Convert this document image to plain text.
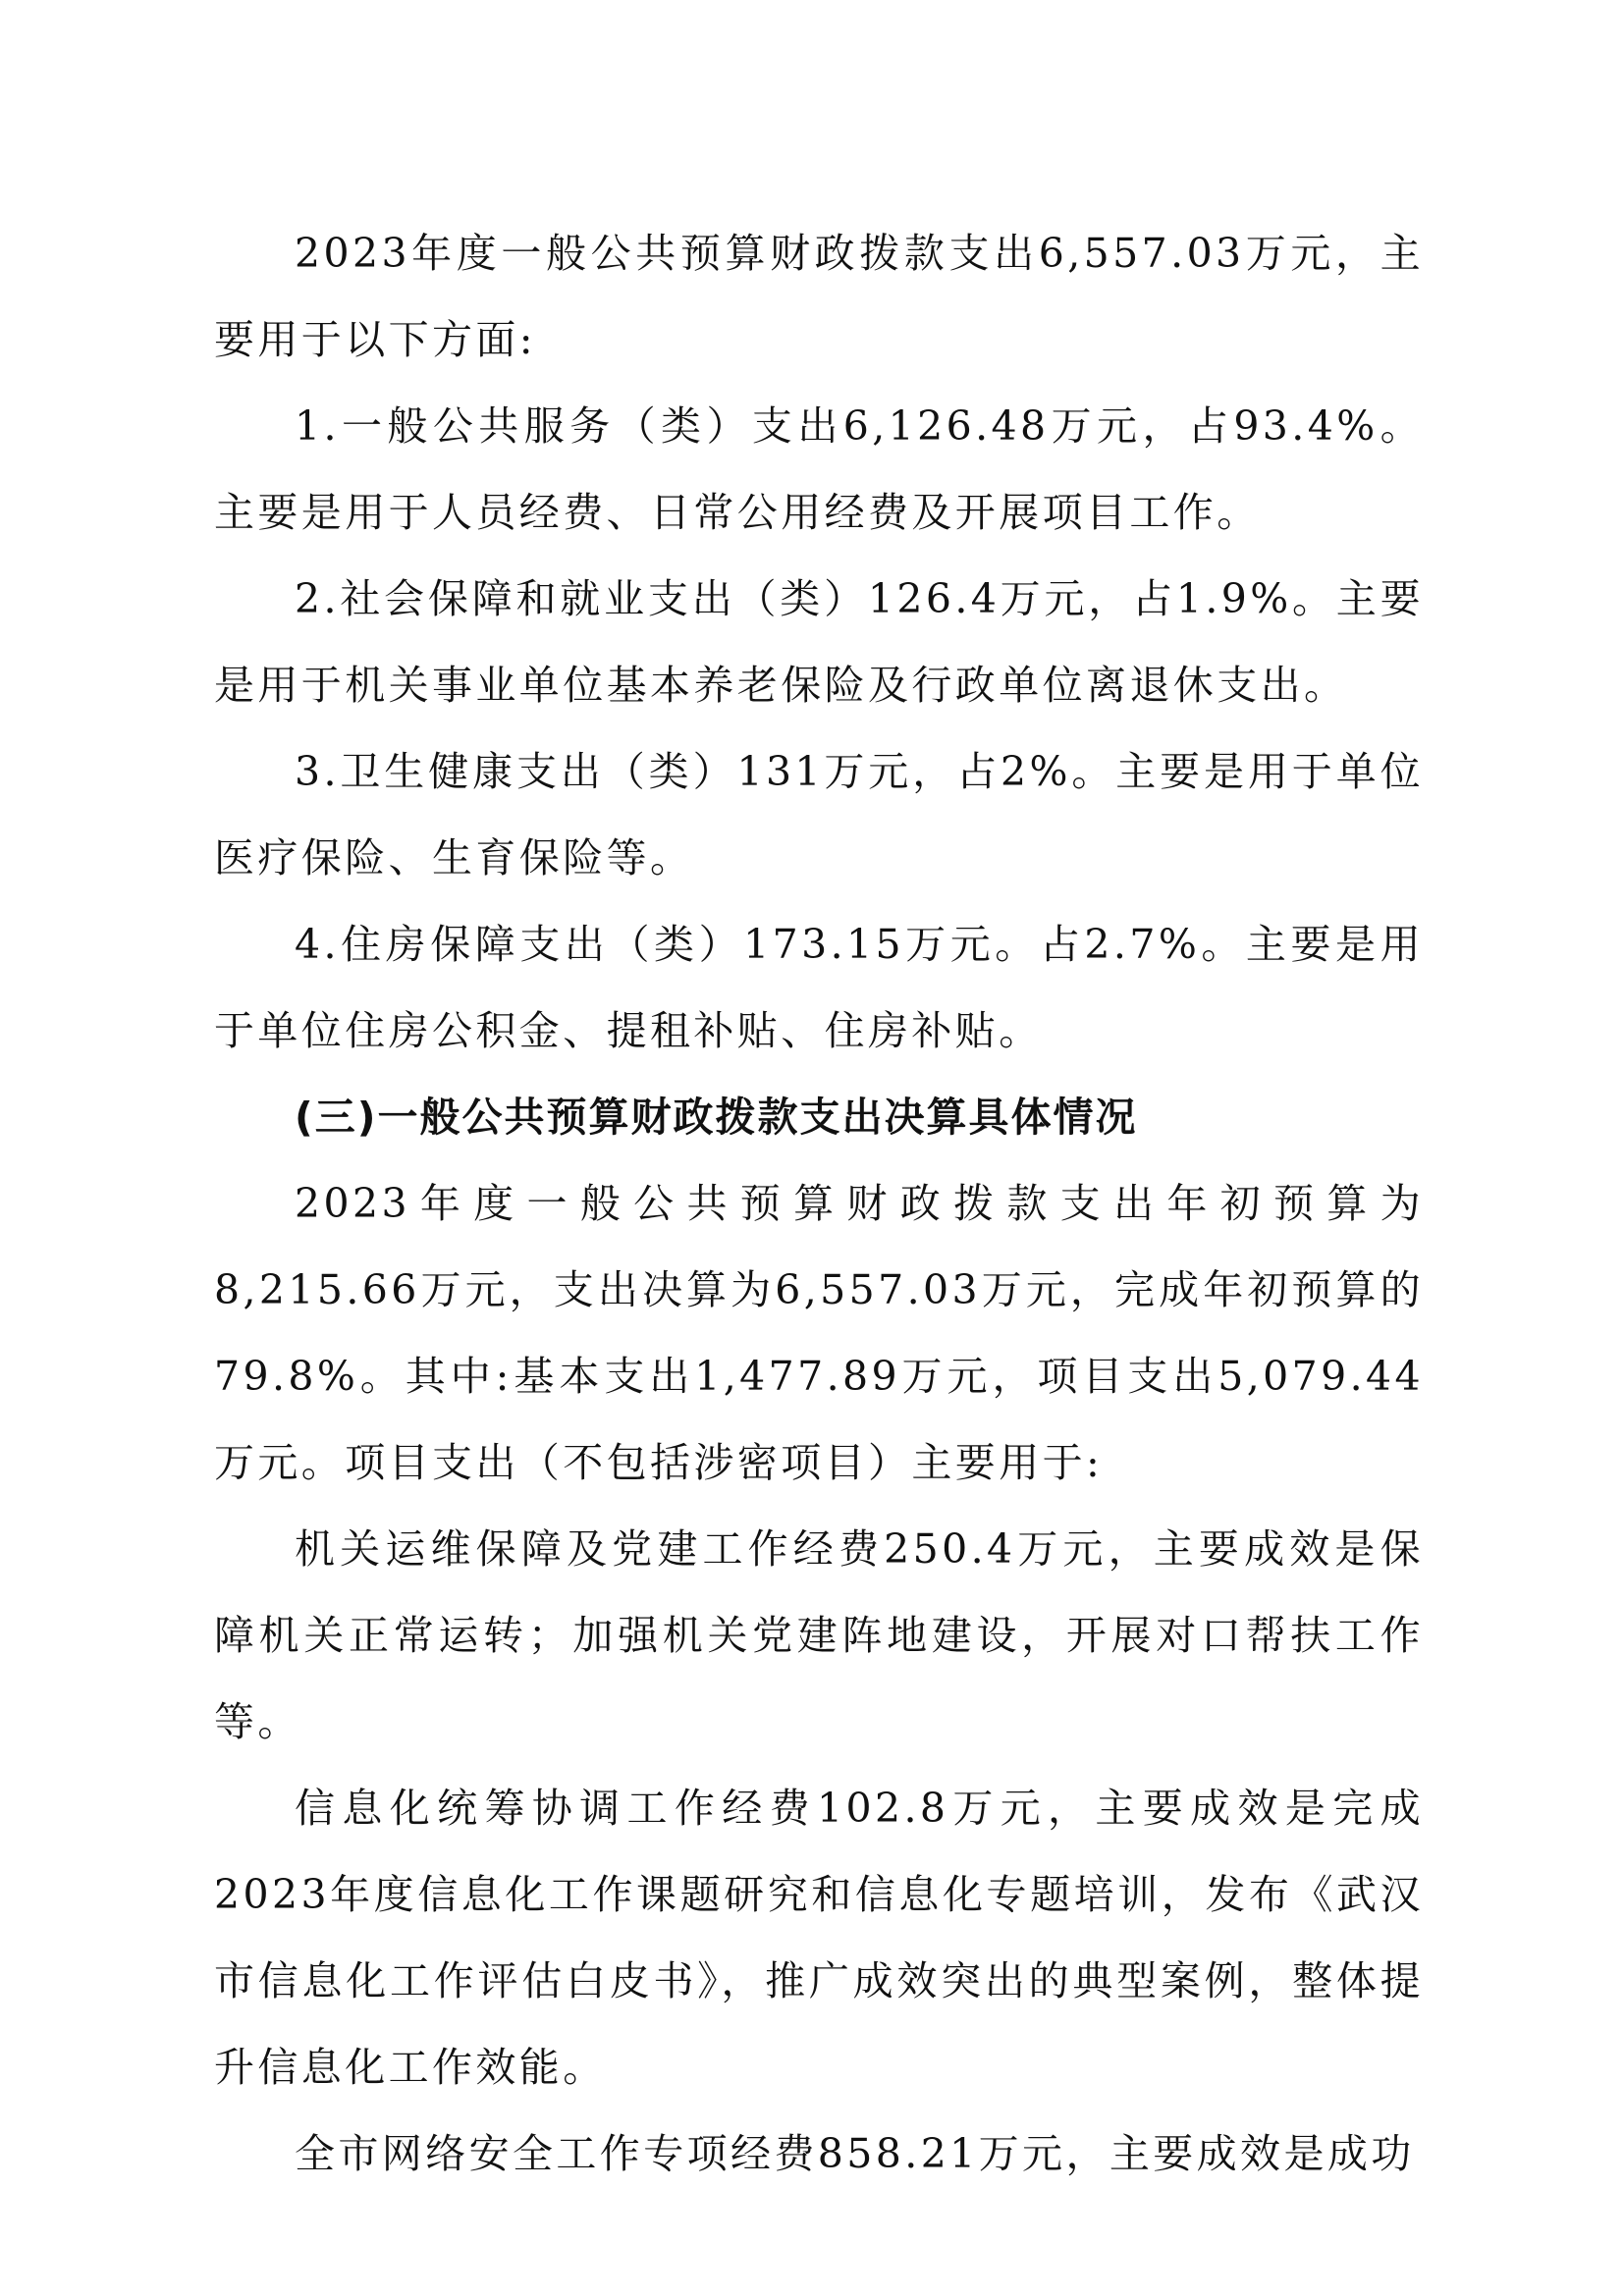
2023年度一般公共预算财政拨款支出6,557.03万元，主要用于以下方面:

1.一般公共服务（类）支出6,126.48万元，占93.4%。主要是用于人员经费、日常公用经费及开展项目工作。

2.社会保障和就业支出（类）126.4万元，占1.9%。主要是用于机关事业单位基本养老保险及行政单位离退休支出。

3.卫生健康支出（类）131万元，占2%。主要是用于单位医疗保险、生育保险等。

4.住房保障支出（类）173.15万元。占2.7%。主要是用于单位住房公积金、提租补贴、住房补贴。

(三)一般公共预算财政拨款支出决算具体情况

2023年度一般公共预算财政拨款支出年初预算为8,215.66万元，支出决算为6,557.03万元，完成年初预算的79.8%。其中:基本支出1,477.89万元，项目支出5,079.44万元。项目支出（不包括涉密项目）主要用于:

机关运维保障及党建工作经费250.4万元，主要成效是保障机关正常运转；加强机关党建阵地建设，开展对口帮扶工作等。

信息化统筹协调工作经费102.8万元，主要成效是完成2023年度信息化工作课题研究和信息化专题培训，发布《武汉市信息化工作评估白皮书》，推广成效突出的典型案例，整体提升信息化工作效能。

全市网络安全工作专项经费858.21万元，主要成效是成功
